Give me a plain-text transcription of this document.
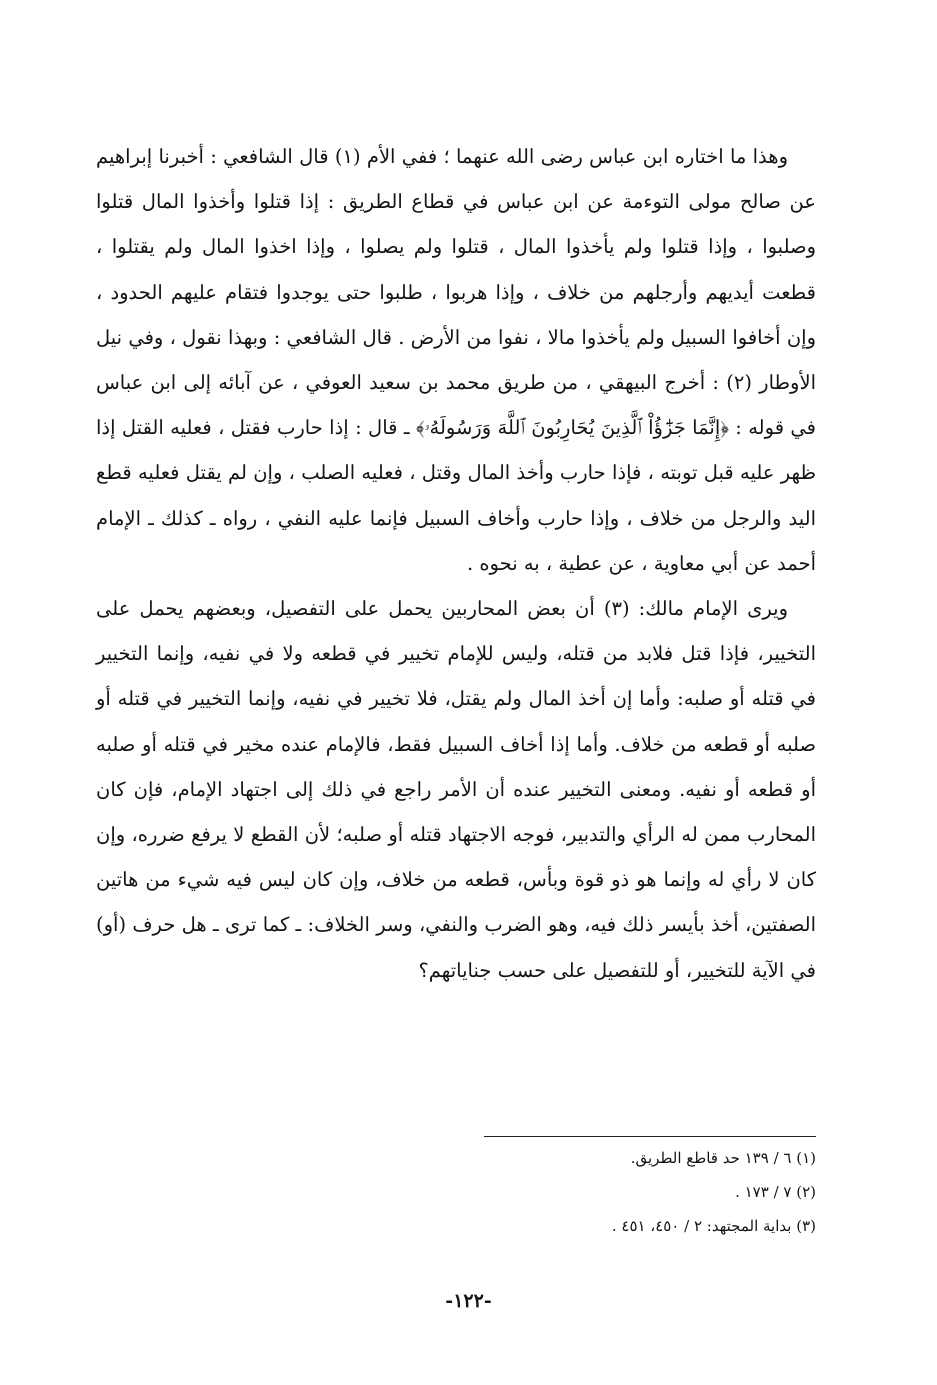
وهذا ما اختاره ابن عباس رضى الله عنهما ؛ ففي الأم (١) قال الشافعي : أخبرنا إبراهيم عن صالح مولى التوءمة عن ابن عباس في قطاع الطريق : إذا قتلوا وأخذوا المال قتلوا وصلبوا ، وإذا قتلوا ولم يأخذوا المال ، قتلوا ولم يصلوا ، وإذا اخذوا المال ولم يقتلوا ، قطعت أيديهم وأرجلهم من خلاف ، وإذا هربوا ، طلبوا حتى يوجدوا فتقام عليهم الحدود ، وإن أخافوا السبيل ولم يأخذوا مالا ، نفوا من الأرض . قال الشافعي : وبهذا نقول ، وفي نيل الأوطار (٢) : أخرج البيهقي ، من طريق محمد بن سعيد العوفي ، عن آبائه إلى ابن عباس في قوله : ﴿إِنَّمَا جَزَٰٓؤُاْ ٱلَّذِينَ يُحَارِبُونَ ٱللَّهَ وَرَسُولَهُۥ﴾ ـ قال : إذا حارب فقتل ، فعليه القتل إذا ظهر عليه قبل توبته ، فإذا حارب وأخذ المال وقتل ، فعليه الصلب ، وإن لم يقتل فعليه قطع اليد والرجل من خلاف ، وإذا حارب وأخاف السبيل فإنما عليه النفي ، رواه ـ كذلك ـ الإمام أحمد عن أبي معاوية ، عن عطية ، به نحوه .

ويرى الإمام مالك: (٣) أن بعض المحاربين يحمل على التفصيل، وبعضهم يحمل على التخيير، فإذا قتل فلابد من قتله، وليس للإمام تخيير في قطعه ولا في نفيه، وإنما التخيير في قتله أو صلبه: وأما إن أخذ المال ولم يقتل، فلا تخيير في نفيه، وإنما التخيير في قتله أو صلبه أو قطعه من خلاف. وأما إذا أخاف السبيل فقط، فالإمام عنده مخير في قتله أو صلبه أو قطعه أو نفيه. ومعنى التخيير عنده أن الأمر راجع في ذلك إلى اجتهاد الإمام، فإن كان المحارب ممن له الرأي والتدبير، فوجه الاجتهاد قتله أو صلبه؛ لأن القطع لا يرفع ضرره، وإن كان لا رأي له وإنما هو ذو قوة وبأس، قطعه من خلاف، وإن كان ليس فيه شيء من هاتين الصفتين، أخذ بأيسر ذلك فيه، وهو الضرب والنفي، وسر الخلاف: ـ كما ترى ـ هل حرف (أو) في الآية للتخيير، أو للتفصيل على حسب جناياتهم؟

(١) ٦ / ١٣٩ حد قاطع الطريق.

(٢) ٧ / ١٧٣ .

(٣) بداية المجتهد: ٢ / ٤٥٠، ٤٥١ .

-١٢٢-
